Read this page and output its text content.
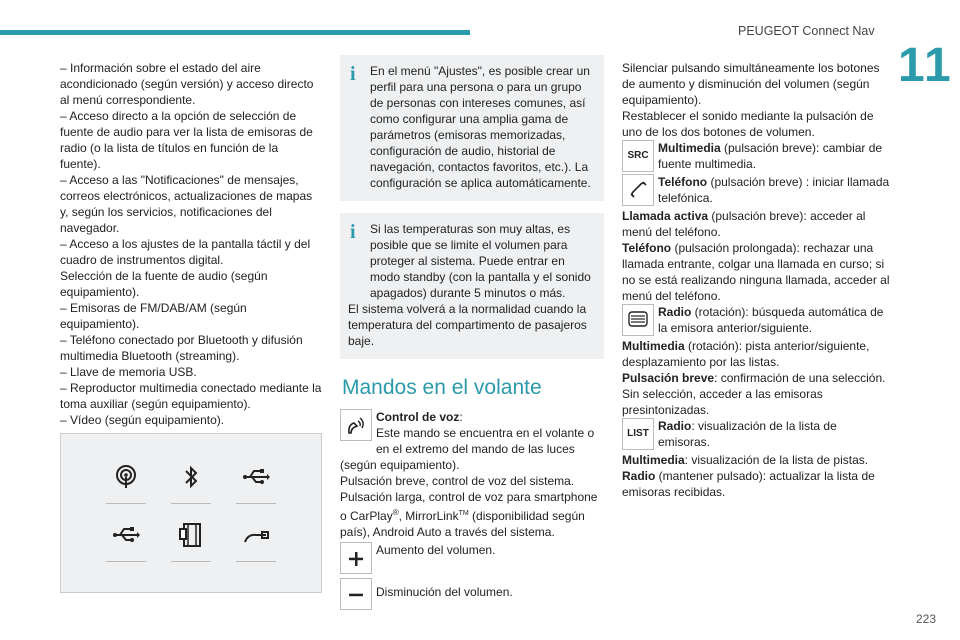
PEUGEOT Connect Nav
11

– Información sobre el estado del aire acondicionado (según versión) y acceso directo al menú correspondiente.

– Acceso directo a la opción de selección de fuente de audio para ver la lista de emisoras de radio (o la lista de títulos en función de la fuente).

– Acceso a las "Notificaciones" de mensajes, correos electrónicos, actualizaciones de mapas y, según los servicios, notificaciones del navegador.

– Acceso a los ajustes de la pantalla táctil y del cuadro de instrumentos digital.

Selección de la fuente de audio (según equipamiento).

– Emisoras de FM/DAB/AM (según equipamiento).

– Teléfono conectado por Bluetooth y difusión multimedia Bluetooth (streaming).

– Llave de memoria USB.

– Reproductor multimedia conectado mediante la toma auxiliar (según equipamiento).

– Vídeo (según equipamiento).

i	En el menú "Ajustes", es posible crear un perfil para una persona o para un grupo de personas con intereses comunes, así como configurar una amplia gama de parámetros (emisoras memorizadas, configuración de audio, historial de navegación, contactos favoritos, etc.). La configuración se aplica automáticamente.

i	Si las temperaturas son muy altas, es posible que se limite el volumen para proteger al sistema. Puede entrar en modo standby (con la pantalla y el sonido apagados) durante 5 minutos o más.

El sistema volverá a la normalidad cuando la temperatura del compartimento de pasajeros baje.

Mandos en el volante

Control de voz:
Este mando se encuentra en el volante o en el extremo del mando de las luces (según equipamiento).

Pulsación breve, control de voz del sistema.

Pulsación larga, control de voz para smartphone o CarPlay®, MirrorLink™ (disponibilidad según país), Android Auto a través del sistema.

Aumento del volumen.

Disminución del volumen.

Silenciar pulsando simultáneamente los botones de aumento y disminución del volumen (según equipamiento).

Restablecer el sonido mediante la pulsación de uno de los dos botones de volumen.

SRC

Multimedia (pulsación breve): cambiar de fuente multimedia.

Teléfono (pulsación breve) : iniciar llamada telefónica.

Llamada activa (pulsación breve): acceder al menú del teléfono.

Teléfono (pulsación prolongada): rechazar una llamada entrante, colgar una llamada en curso; si no se está realizando ninguna llamada, acceder al menú del teléfono.

Radio (rotación): búsqueda automática de la emisora anterior/siguiente.

Multimedia (rotación): pista anterior/siguiente, desplazamiento por las listas.

Pulsación breve: confirmación de una selección. Sin selección, acceder a las emisoras presintonizadas.

LIST

Radio: visualización de la lista de emisoras.

Multimedia: visualización de la lista de pistas.

Radio (mantener pulsado): actualizar la lista de emisoras recibidas.

223
